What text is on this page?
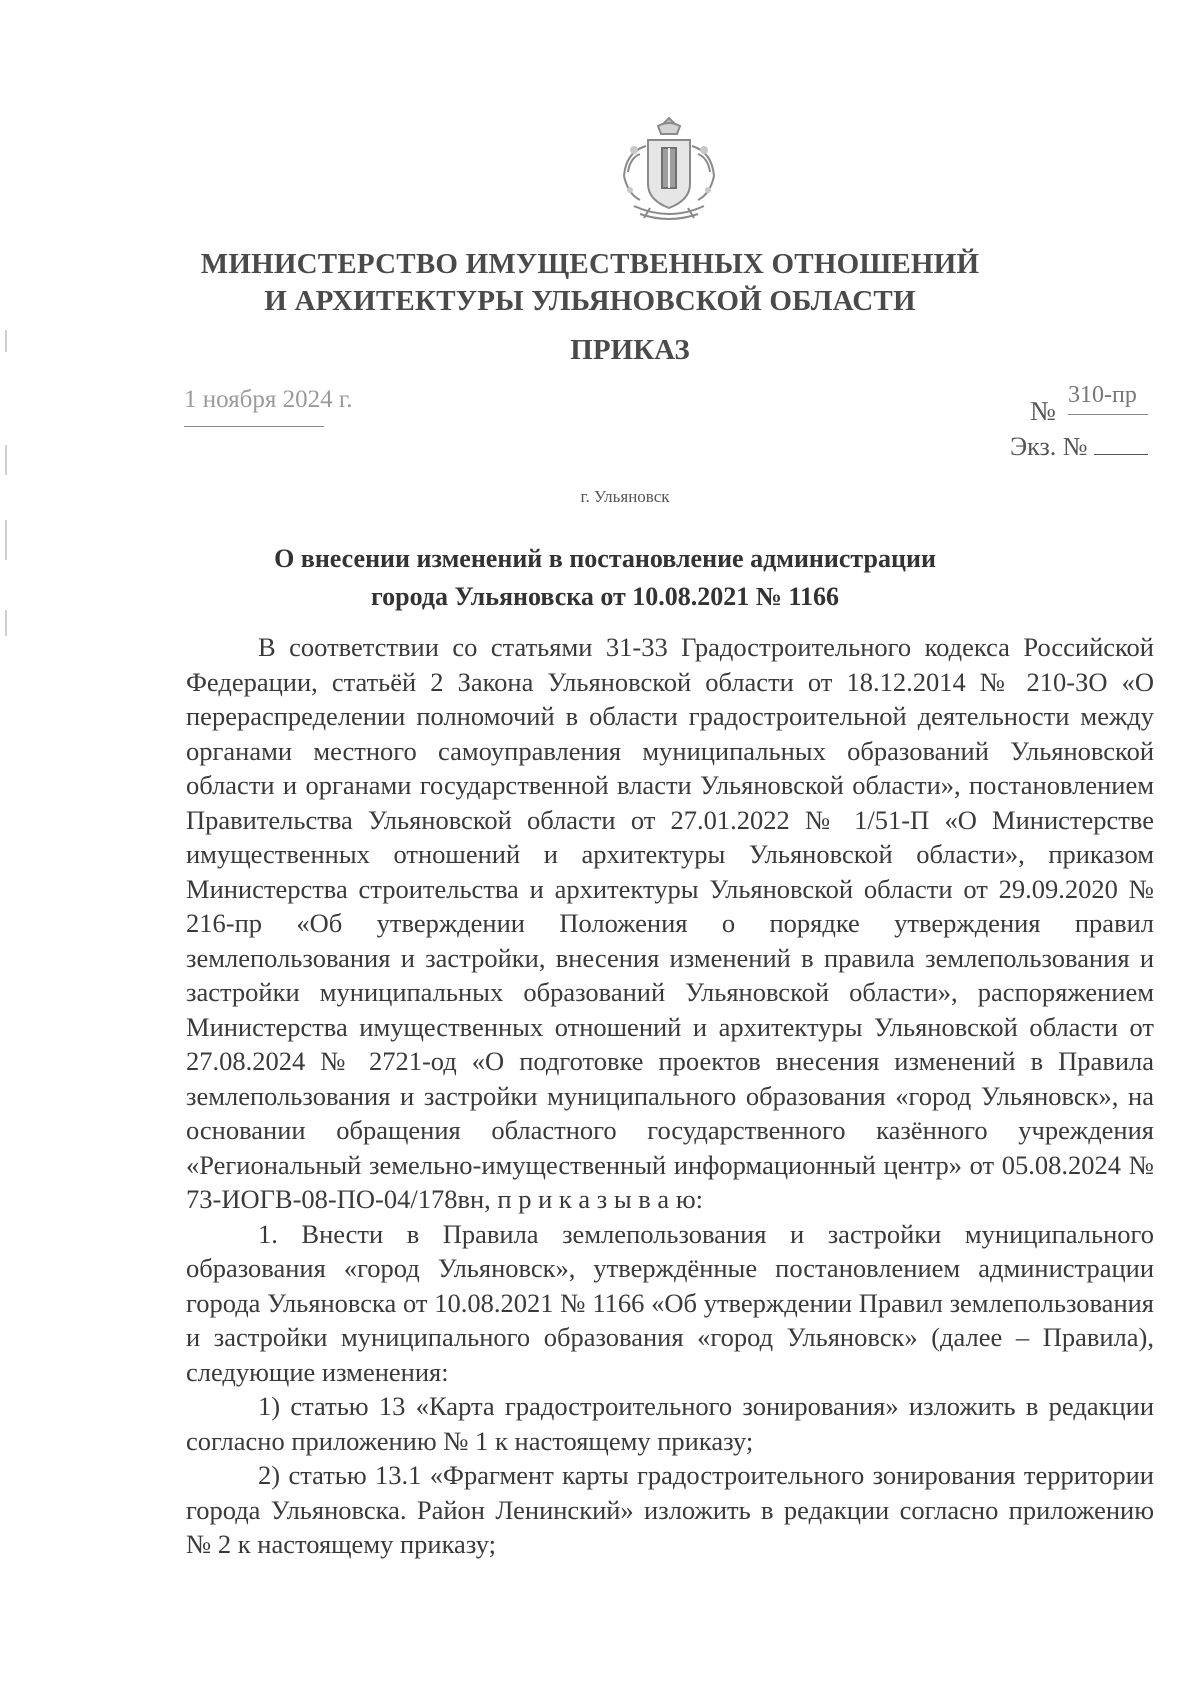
МИНИСТЕРСТВО ИМУЩЕСТВЕННЫХ ОТНОШЕНИЙ
И АРХИТЕКТУРЫ УЛЬЯНОВСКОЙ ОБЛАСТИ
ПРИКАЗ
1 ноября 2024 г.	№
310-пр
Экз. №
г. Ульяновск
О внесении изменений в постановление администрации
города Ульяновска от 10.08.2021 № 1166

В соответствии со статьями 31-33 Градостроительного кодекса Российской Федерации, статьёй 2 Закона Ульяновской области от 18.12.2014 № 210-ЗО «О перераспределении полномочий в области градостроительной деятельности между органами местного самоуправления муниципальных образований Ульяновской области и органами государственной власти Ульяновской области», постановлением Правительства Ульяновской области от 27.01.2022 № 1/51-П «О Министерстве имущественных отношений и архитектуры Ульяновской области», приказом Министерства строительства и архитектуры Ульяновской области от 29.09.2020 № 216-пр «Об утверждении Положения о порядке утверждения правил землепользования и застройки, внесения изменений в правила землепользования и застройки муниципальных образований Ульяновской области», распоряжением Министерства имущественных отношений и архитектуры Ульяновской области от 27.08.2024 № 2721-од «О подготовке проектов внесения изменений в Правила землепользования и застройки муниципального образования «город Ульяновск», на основании обращения областного государственного казённого учреждения «Региональный земельно-имущественный информационный центр» от 05.08.2024 № 73-ИОГВ-08-ПО-04/178вн, п р и к а з ы в а ю:

1. Внести в Правила землепользования и застройки муниципального образования «город Ульяновск», утверждённые постановлением администрации города Ульяновска от 10.08.2021 № 1166 «Об утверждении Правил землепользования и застройки муниципального образования «город Ульяновск» (далее – Правила), следующие изменения:

1) статью 13 «Карта градостроительного зонирования» изложить в редакции согласно приложению № 1 к настоящему приказу;

2) статью 13.1 «Фрагмент карты градостроительного зонирования территории города Ульяновска. Район Ленинский» изложить в редакции согласно приложению № 2 к настоящему приказу;
